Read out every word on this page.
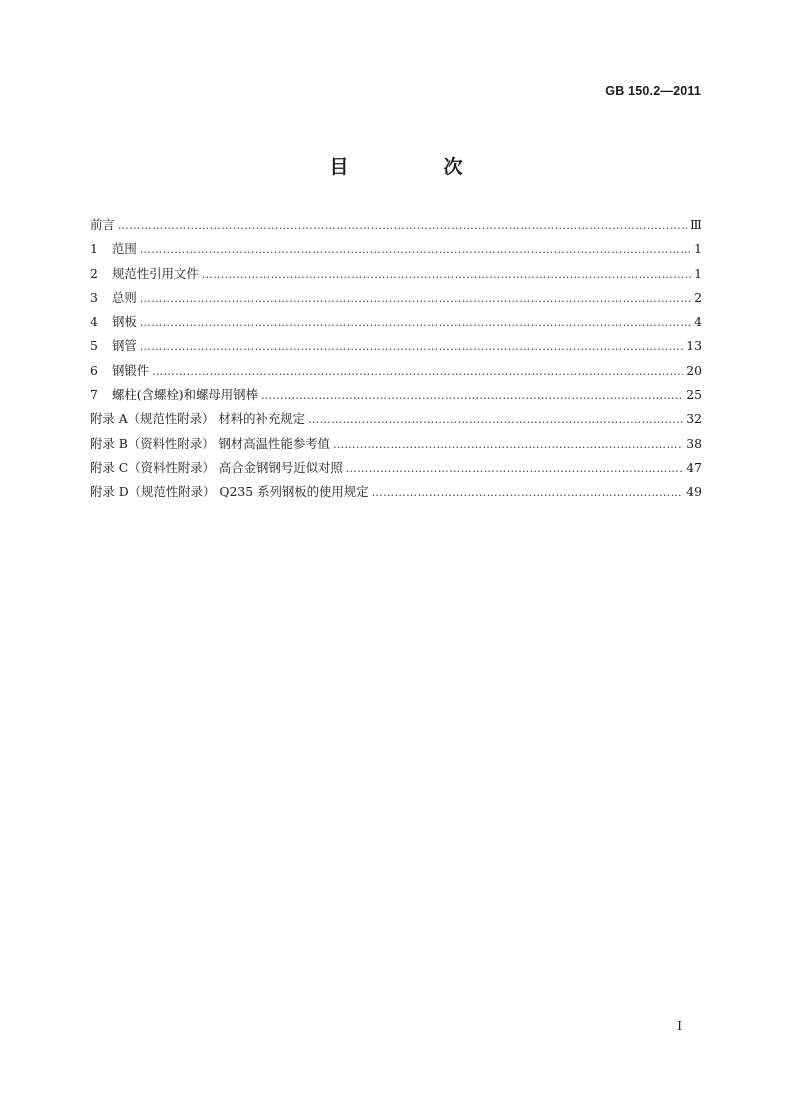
GB 150.2—2011
目　次
前言 …………………………………………………………………………………………………………………………………………………………………………………………………………	Ⅲ
1 范围 …………………………………………………………………………………………………………………………………………………………………………………………………………	1
2 规范性引用文件 …………………………………………………………………………………………………………………………………………………………………………………………………………	1
3 总则 …………………………………………………………………………………………………………………………………………………………………………………………………………	2
4 钢板 …………………………………………………………………………………………………………………………………………………………………………………………………………	4
5 钢管 …………………………………………………………………………………………………………………………………………………………………………………………………………	13
6 钢锻件 …………………………………………………………………………………………………………………………………………………………………………………………………………	20
7 螺柱(含螺栓)和螺母用钢棒 …………………………………………………………………………………………………………………………………………………………………………………………………………	25
附录 A（规范性附录） 材料的补充规定 …………………………………………………………………………………………………………………………………………………………………………………………………………	32
附录 B（资料性附录） 钢材高温性能参考值 …………………………………………………………………………………………………………………………………………………………………………………………………………	38
附录 C（资料性附录） 高合金钢钢号近似对照 …………………………………………………………………………………………………………………………………………………………………………………………………………	47
附录 D（规范性附录） Q235 系列钢板的使用规定 …………………………………………………………………………………………………………………………………………………………………………………………………………	49
Ⅰ
